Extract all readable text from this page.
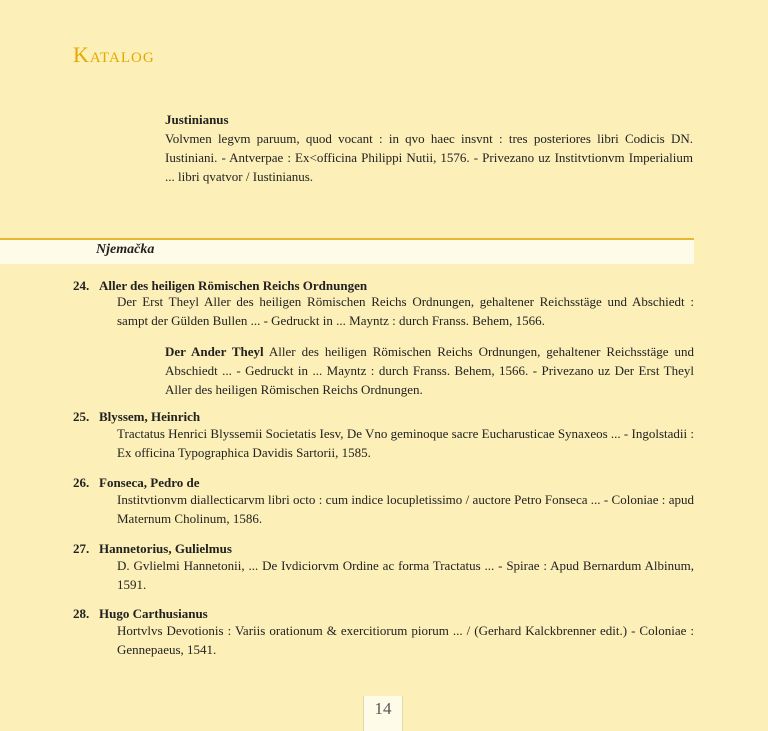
Katalog
Justinianus
Volvmen legvm paruum, quod vocant : in qvo haec insvnt : tres posteriores libri Codicis DN. Iustiniani. - Antverpae : Ex<officina Philippi Nutii, 1576. - Privezano uz Institvtionvm Imperialium ... libri qvatvor / Iustinianus.
Njemačka
24. Aller des heiligen Römischen Reichs Ordnungen
Der Erst Theyl Aller des heiligen Römischen Reichs Ordnungen, gehaltener Reichsstäge und Abschiedt : sampt der Gülden Bullen ... - Gedruckt in ... Mayntz : durch Franss. Behem, 1566.
Der Ander Theyl Aller des heiligen Römischen Reichs Ordnungen, gehaltener Reichsstäge und Abschiedt ... - Gedruckt in ... Mayntz : durch Franss. Behem, 1566. - Privezano uz Der Erst Theyl Aller des heiligen Römischen Reichs Ordnungen.
25. Blyssem, Heinrich
Tractatus Henrici Blyssemii Societatis Iesv, De Vno geminoque sacre Eucharusticae Synaxeos ... - Ingolstadii : Ex officina Typographica Davidis Sartorii, 1585.
26. Fonseca, Pedro de
Institvtionvm diallecticarvm libri octo : cum indice locupletissimo / auctore Petro Fonseca ... - Coloniae : apud Maternum Cholinum, 1586.
27. Hannetorius, Gulielmus
D. Gvlielmi Hannetonii, ... De Ivdiciorvm Ordine ac forma Tractatus ... - Spirae : Apud Bernardum Albinum, 1591.
28. Hugo Carthusianus
Hortvlvs Devotionis : Variis orationum & exercitiorum piorum ... / (Gerhard Kalckbrenner edit.) - Coloniae : Gennepaeus, 1541.
14
